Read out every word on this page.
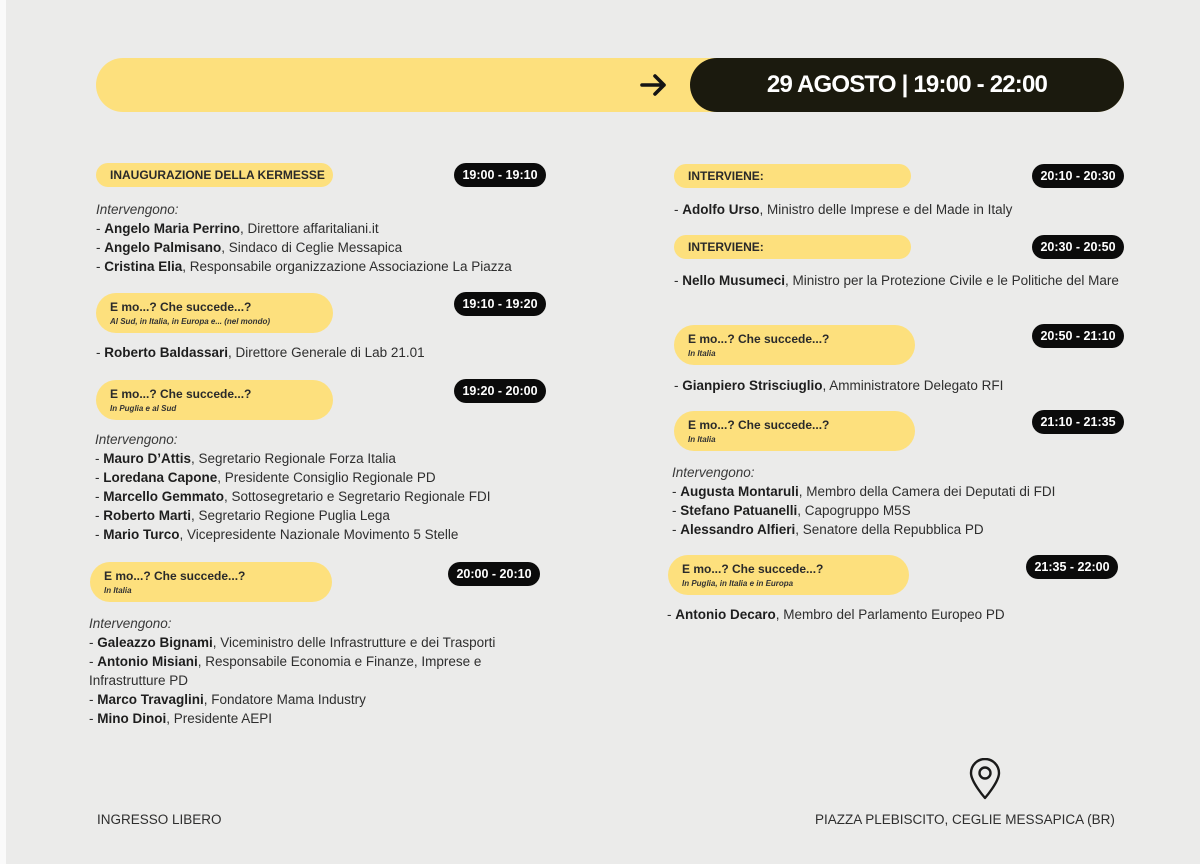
29 AGOSTO | 19:00 - 22:00
INAUGURAZIONE DELLA KERMESSE	19:00 - 19:10
Intervengono:
- Angelo Maria Perrino, Direttore affaritaliani.it
- Angelo Palmisano, Sindaco di Ceglie Messapica
- Cristina Elia, Responsabile organizzazione Associazione La Piazza
E mo...? Che succede...?
Al Sud, in Italia, in Europa e... (nel mondo)
19:10 - 19:20
- Roberto Baldassari, Direttore Generale di Lab 21.01
E mo...? Che succede...?
In Puglia e al Sud
19:20 - 20:00
Intervengono:
- Mauro D’Attis, Segretario Regionale Forza Italia
- Loredana Capone, Presidente Consiglio Regionale PD
- Marcello Gemmato, Sottosegretario e Segretario Regionale FDI
- Roberto Marti, Segretario Regione Puglia Lega
- Mario Turco, Vicepresidente Nazionale Movimento 5 Stelle
E mo...? Che succede...?
In Italia
20:00 - 20:10
Intervengono:
- Galeazzo Bignami, Viceministro delle Infrastrutture e dei Trasporti
- Antonio Misiani, Responsabile Economia e Finanze, Imprese e Infrastrutture PD
- Marco Travaglini, Fondatore Mama Industry
- Mino Dinoi, Presidente AEPI
INTERVIENE:	20:10 - 20:30
- Adolfo Urso, Ministro delle Imprese e del Made in Italy
INTERVIENE:	20:30 - 20:50
- Nello Musumeci, Ministro per la Protezione Civile e le Politiche del Mare
E mo...? Che succede...?
In Italia
20:50 - 21:10
- Gianpiero Strisciuglio, Amministratore Delegato RFI
E mo...? Che succede...?
In Italia
21:10 - 21:35
Intervengono:
- Augusta Montaruli, Membro della Camera dei Deputati di FDI
- Stefano Patuanelli, Capogruppo M5S
- Alessandro Alfieri, Senatore della Repubblica PD
E mo...? Che succede...?
In Puglia, in Italia e in Europa
21:35 - 22:00
- Antonio Decaro, Membro del Parlamento Europeo PD
INGRESSO LIBERO	PIAZZA PLEBISCITO, CEGLIE MESSAPICA (BR)
